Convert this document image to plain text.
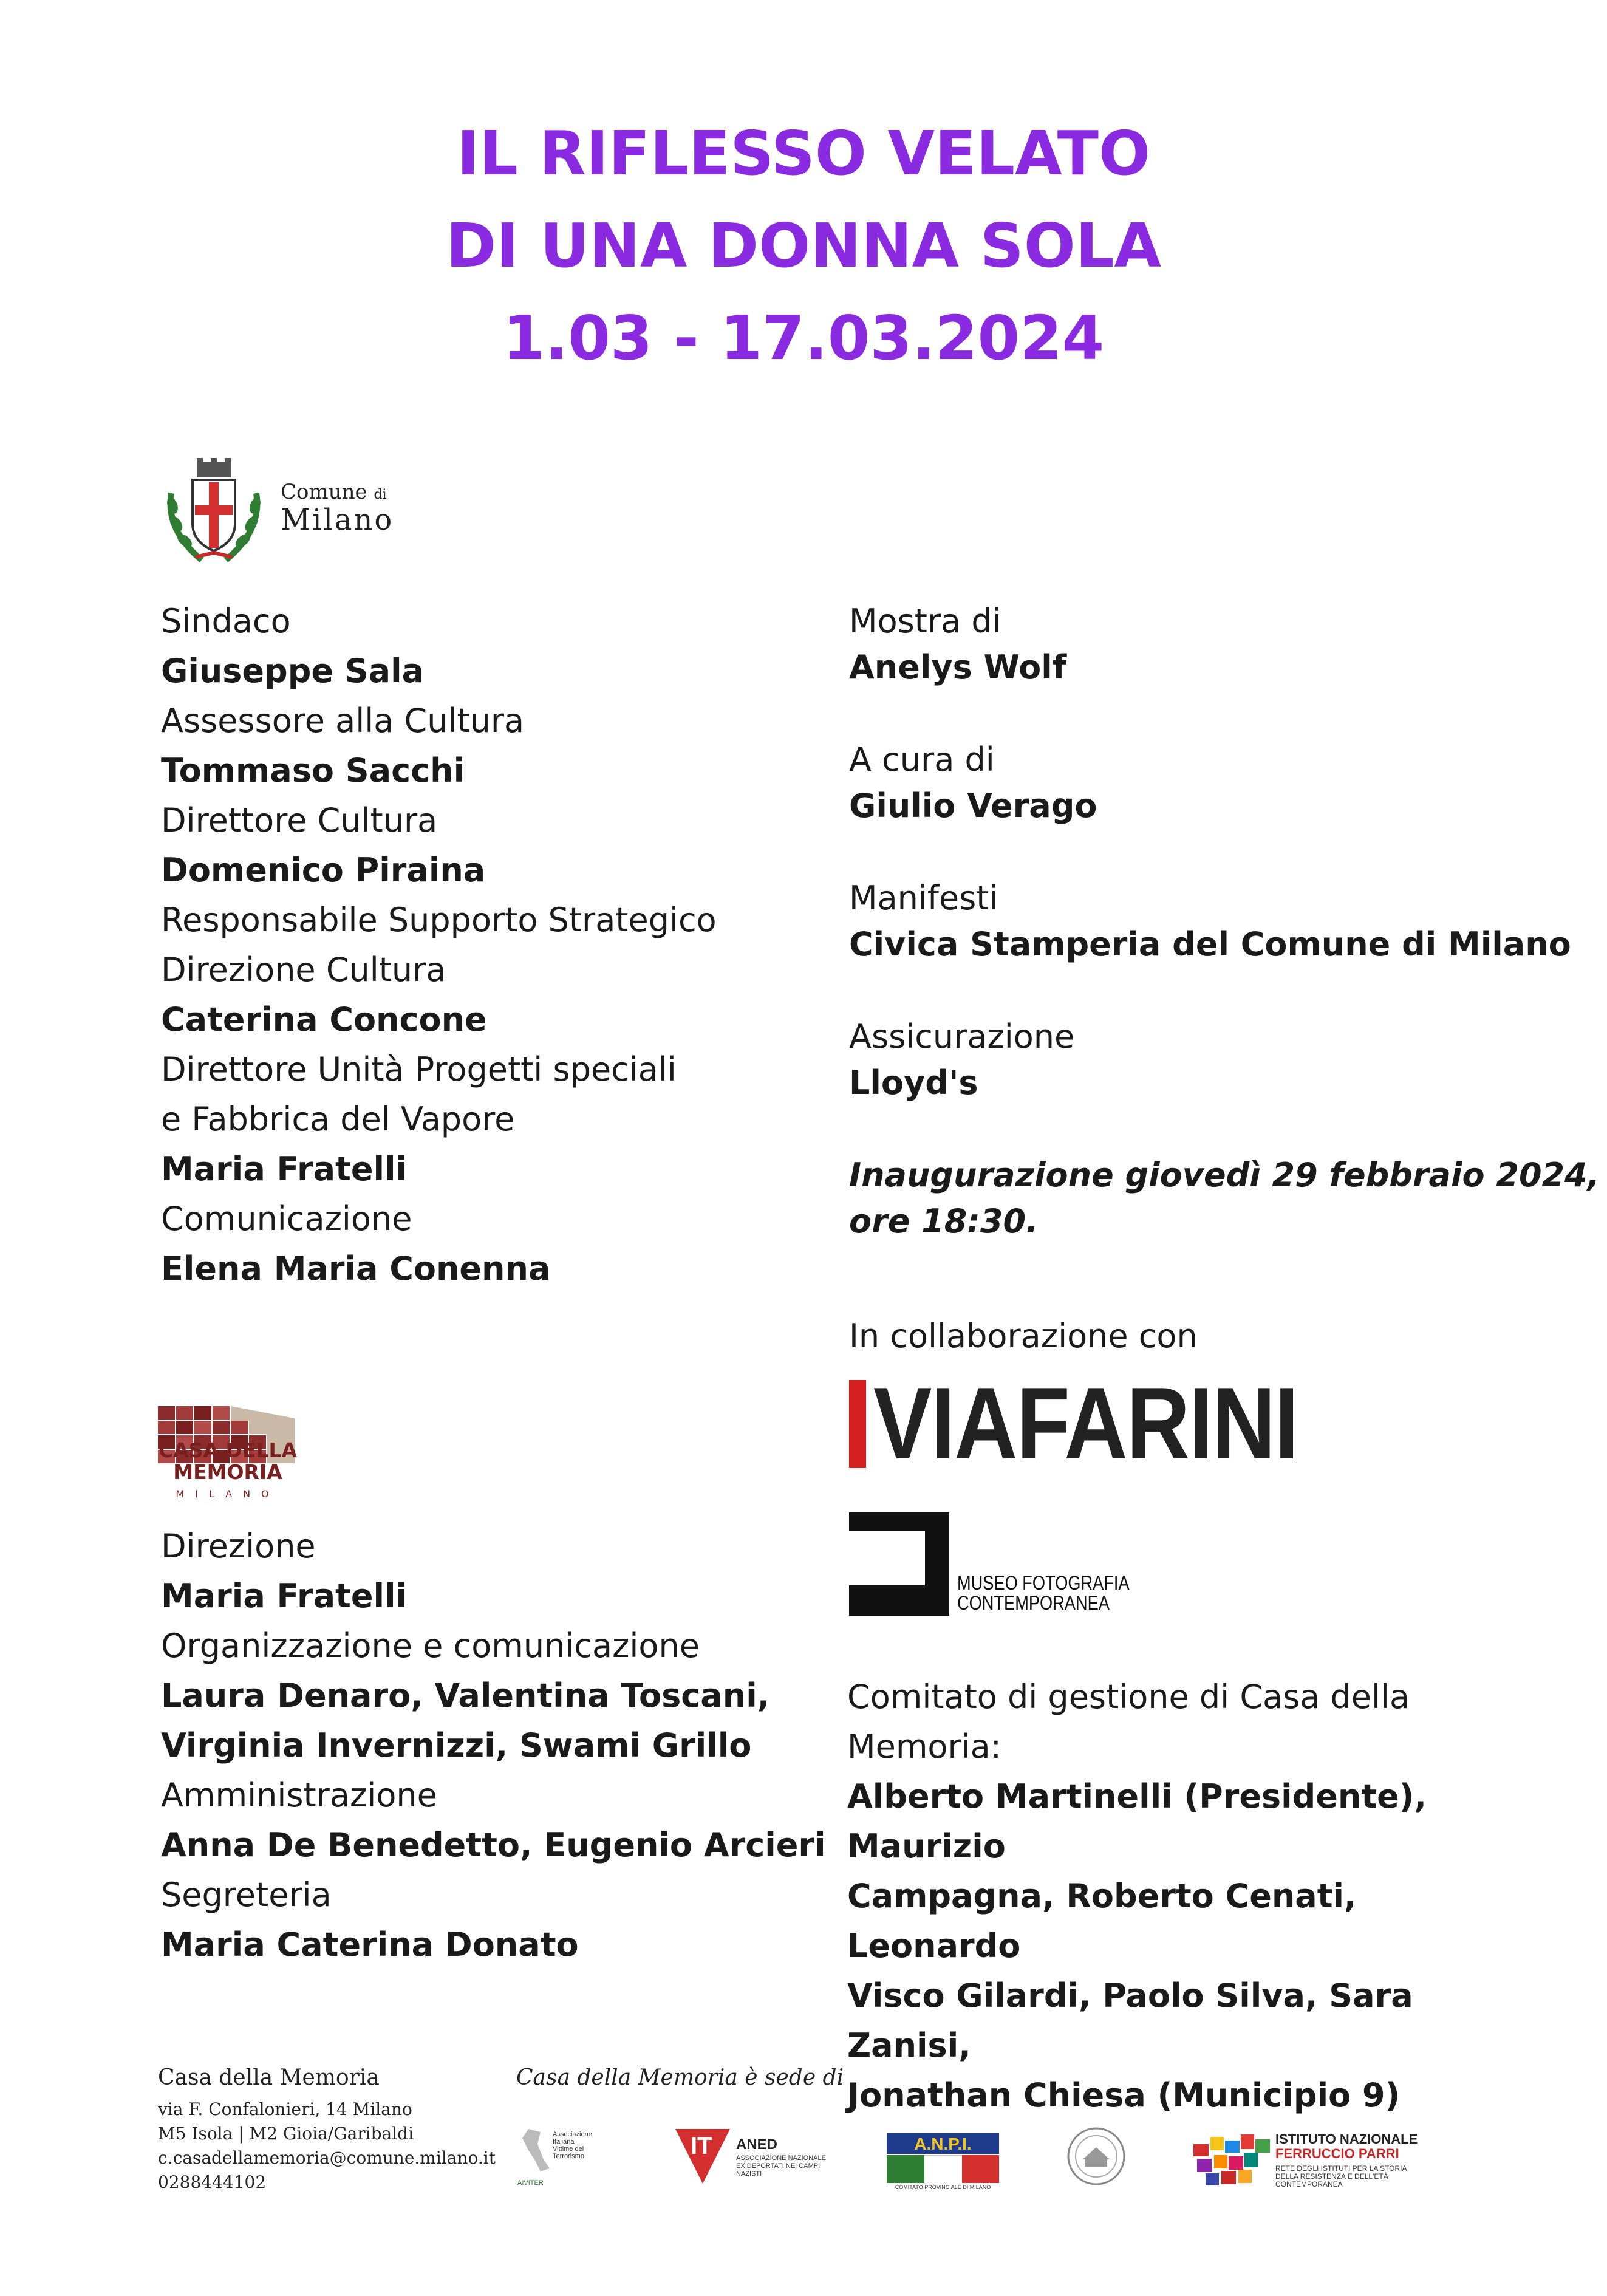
IL RIFLESSO VELATO
DI UNA DONNA SOLA
1.03 - 17.03.2024
Comune di
Milano
Sindaco
Giuseppe Sala
Assessore alla Cultura
Tommaso Sacchi
Direttore Cultura
Domenico Piraina
Responsabile Supporto Strategico
Direzione Cultura
Caterina Concone
Direttore Unità Progetti speciali
e Fabbrica del Vapore
Maria Fratelli
Comunicazione
Elena Maria Conenna
Mostra di
Anelys Wolf
A cura di
Giulio Verago
Manifesti
Civica Stamperia del Comune di Milano
Assicurazione
Lloyd's
Inaugurazione giovedì 29 febbraio 2024,
ore 18:30.
In collaborazione con
VIAFARINI
MUSEO FOTOGRAFIA
CONTEMPORANEA
CASA DELLA
MEMORIA
MILANO
Direzione
Maria Fratelli
Organizzazione e comunicazione
Laura Denaro, Valentina Toscani,
Virginia Invernizzi, Swami Grillo
Amministrazione
Anna De Benedetto, Eugenio Arcieri
Segreteria
Maria Caterina Donato
Comitato di gestione di Casa della
Memoria:
Alberto Martinelli (Presidente), Maurizio
Campagna, Roberto Cenati, Leonardo
Visco Gilardi, Paolo Silva, Sara Zanisi,
Jonathan Chiesa (Municipio 9)
Casa della Memoria
via F. Confalonieri, 14 Milano
M5 Isola | M2 Gioia/Garibaldi
c.casadellamemoria@comune.milano.it
0288444102
Casa della Memoria è sede di
Associazione
Italiana
Vittime del
Terrorismo
AIVITER
IT ANED
ASSOCIAZIONE NAZIONALE
EX DEPORTATI NEI CAMPI NAZISTI
A.N.P.I.
COMITATO PROVINCIALE DI MILANO
ISTITUTO NAZIONALE
FERRUCCIO PARRI
RETE DEGLI ISTITUTI PER LA STORIA
DELLA RESISTENZA E DELL'ETÀ
CONTEMPORANEA
